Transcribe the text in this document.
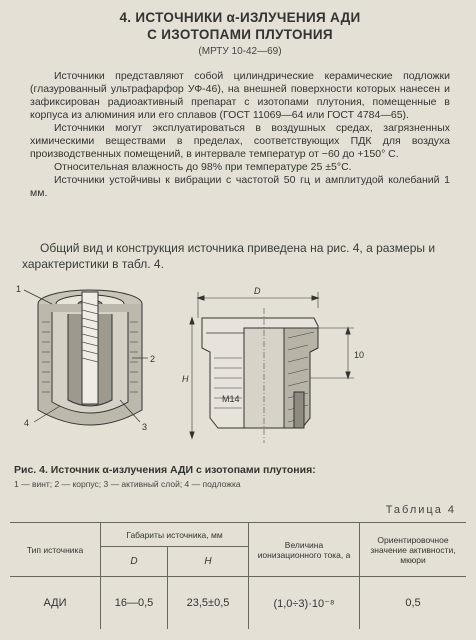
4. ИСТОЧНИКИ α-ИЗЛУЧЕНИЯ АДИ
С ИЗОТОПАМИ ПЛУТОНИЯ
(МРТУ 10-42—69)

Источники представляют собой цилиндрические керамические подложки (глазурованный ультрафарфор УФ-46), на внешней поверхности которых нанесен и зафиксирован радиоактивный препарат с изотопами плутония, помещенные в корпуса из алюминия или его сплавов (ГОСТ 11069—64 или ГОСТ 4784—65).

Источники могут эксплуатироваться в воздушных средах, загрязненных химическими веществами в пределах, соответствующих ПДК для воздуха производственных помещений, в интервале температур от −60 до +150° С.

Относительная влажность до 98% при температуре 25 ±5°С.

Источники устойчивы к вибрации с частотой 50 гц и амплитудой колебаний 1 мм.

Общий вид и конструкция источника приведена на рис. 4, а размеры и характеристики в табл. 4.

1
2
3
4
D
H
10
M14
Рис. 4. Источник α-излучения АДИ с изотопами плутония:
1 — винт; 2 — корпус; 3 — активный слой; 4 — подложка
Таблица 4
Тип источника	Габариты источника, мм		Величина ионизационного тока, а	Ориентировочное значение активности, мкюри
	D	H		
АДИ	16—0,5	23,5±0,5	(1,0÷3)·10⁻⁸	0,5
